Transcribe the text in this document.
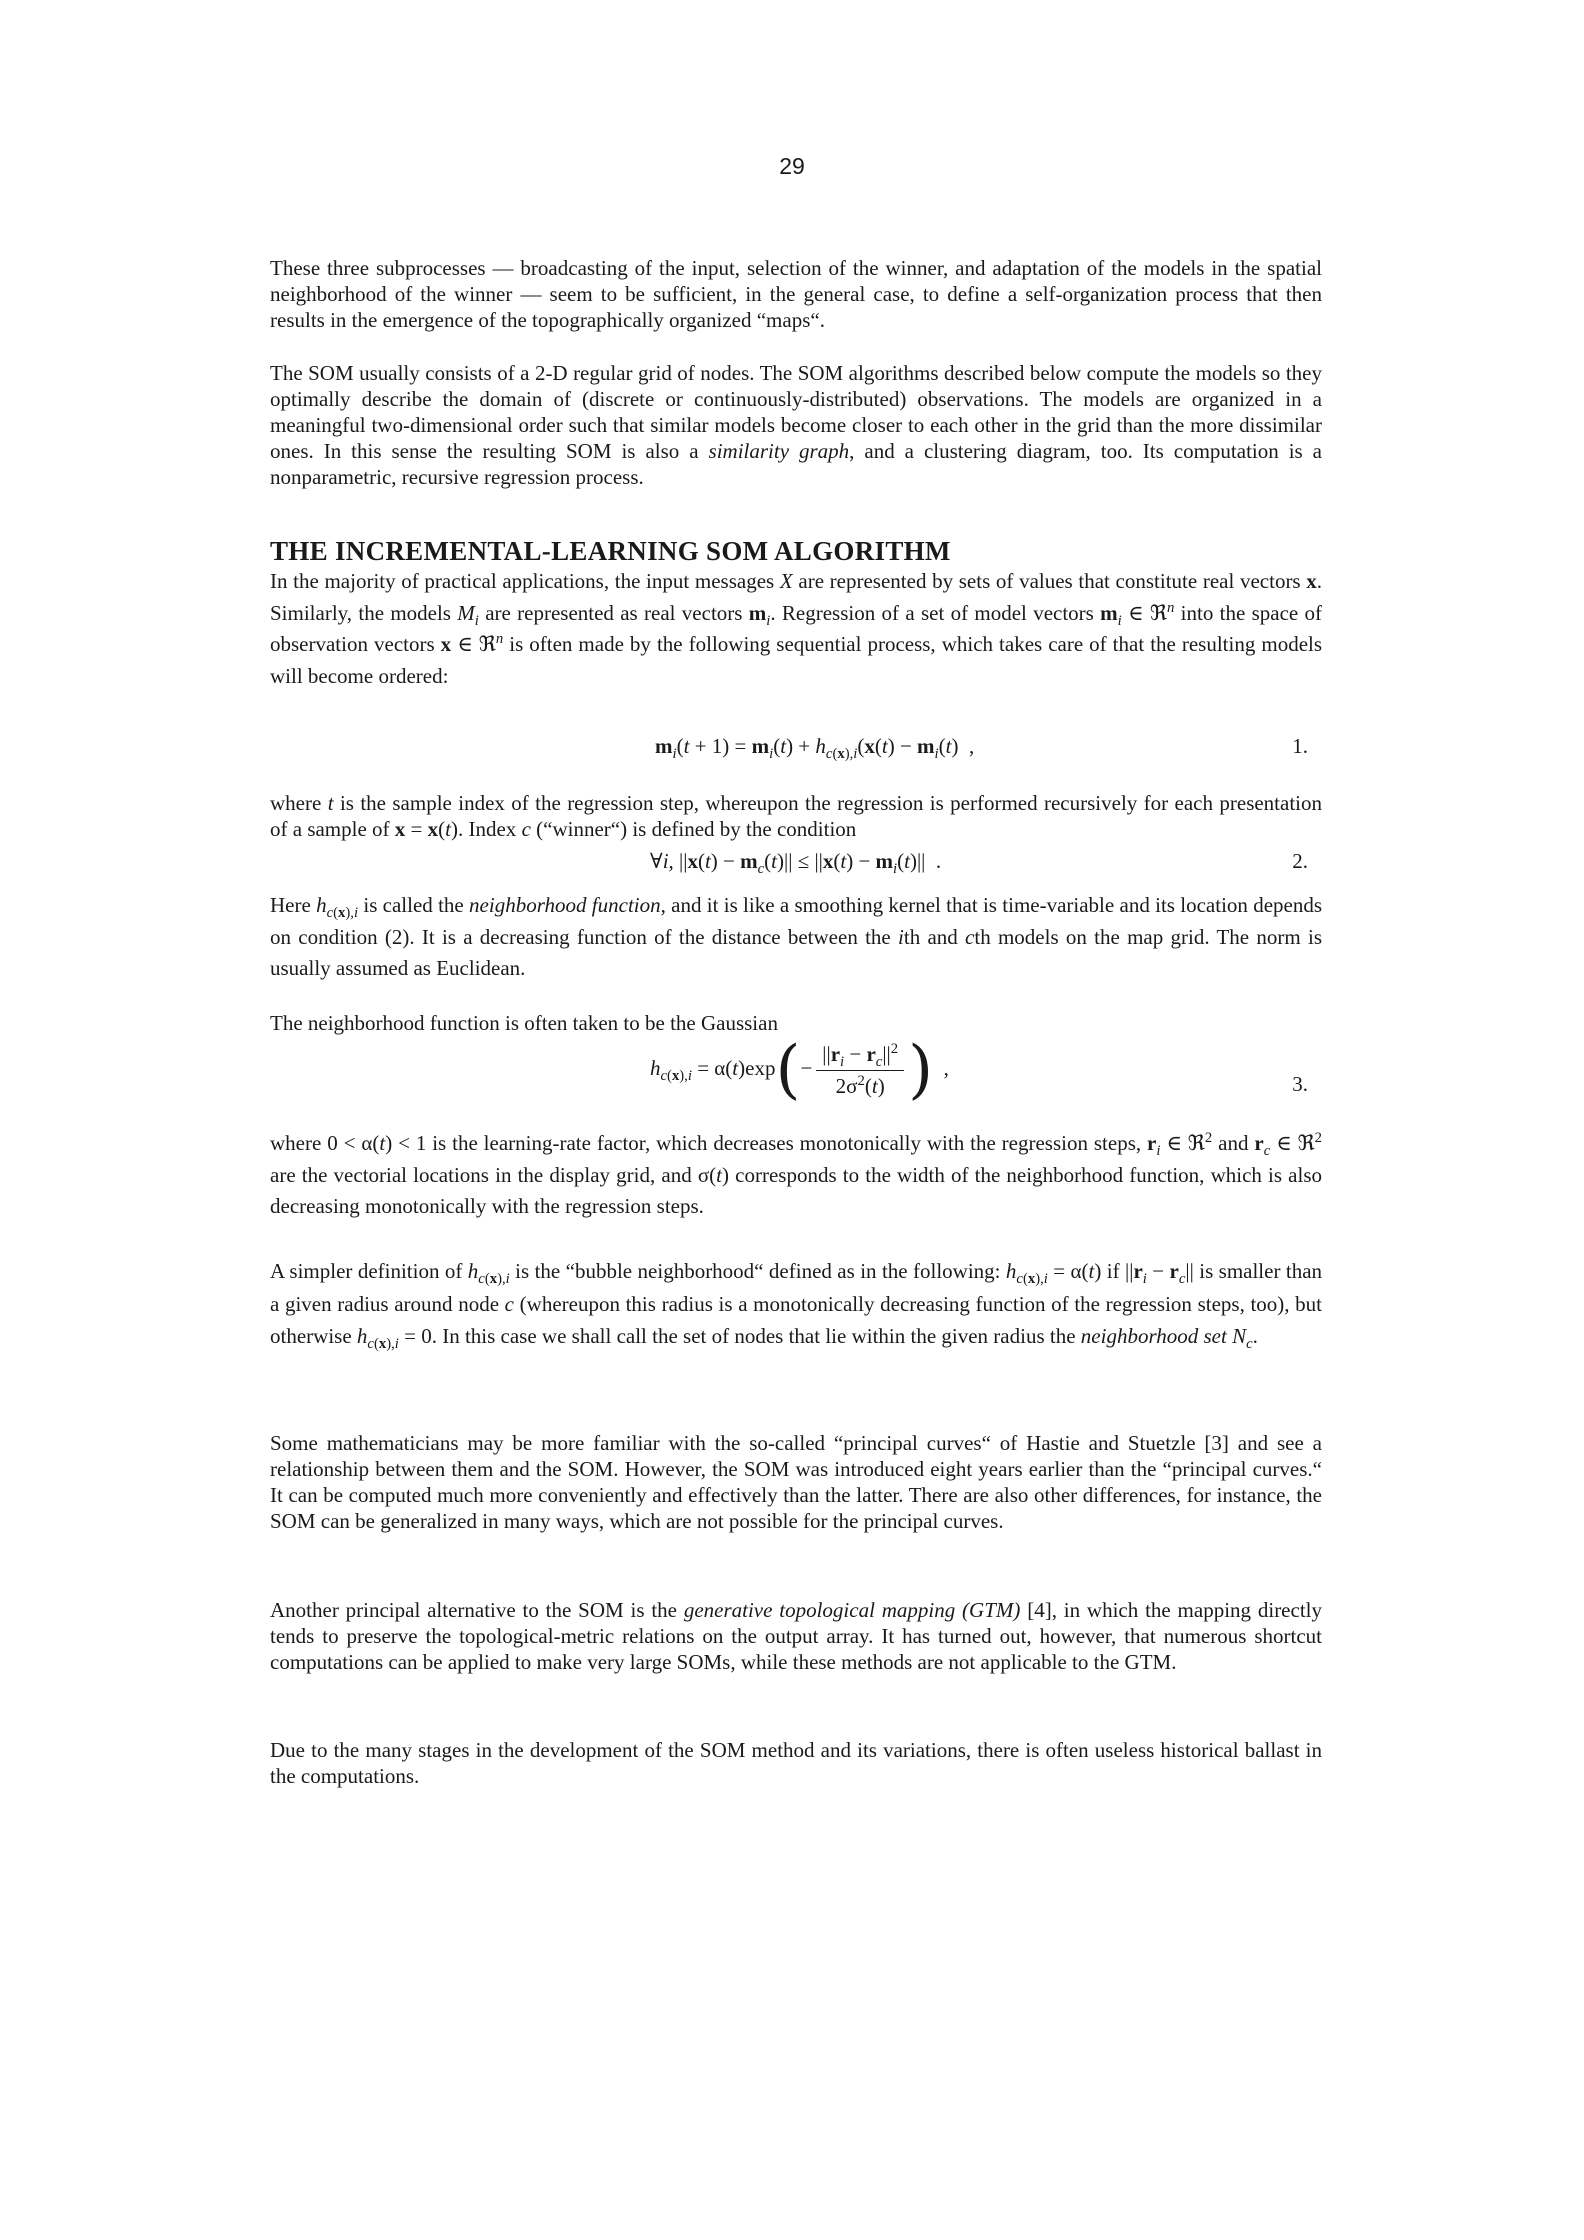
29

These three subprocesses — broadcasting of the input, selection of the winner, and adaptation of the models in the spatial neighborhood of the winner — seem to be sufficient, in the general case, to define a self-organization process that then results in the emergence of the topographically organized “maps“.

The SOM usually consists of a 2-D regular grid of nodes. The SOM algorithms described below compute the models so they optimally describe the domain of (discrete or continuously-distributed) observations. The models are organized in a meaningful two-dimensional order such that similar models become closer to each other in the grid than the more dissimilar ones. In this sense the resulting SOM is also a similarity graph, and a clustering diagram, too. Its computation is a nonparametric, recursive regression process.

THE INCREMENTAL-LEARNING SOM ALGORITHM

In the majority of practical applications, the input messages X are represented by sets of values that constitute real vectors x. Similarly, the models $M_i$ are represented as real vectors $m_i$. Regression of a set of model vectors $m_i$ ∈ ℜ$^n$ into the space of observation vectors x ∈ ℜ$^n$ is often made by the following sequential process, which takes care of that the resulting models will become ordered:

$m_i(t + 1) = m_i(t) + h_{c(x),i}(x(t) - m_i(t)$  ,	1.

where t is the sample index of the regression step, whereupon the regression is performed recursively for each presentation of a sample of x = x(t). Index c (“winner“) is defined by the condition

∀i, $||x(t) - m_c(t)|| \le ||x(t) - m_i(t)||$  .	2.

Here $h_{c(x),i}$ is called the neighborhood function, and it is like a smoothing kernel that is time-variable and its location depends on condition (2). It is a decreasing function of the distance between the ith and cth models on the map grid. The norm is usually assumed as Euclidean.

The neighborhood function is often taken to be the Gaussian

$h_{c(x),i} = \alpha(t)\exp(- \frac{||r_i - r_c||^2}{2\sigma^2(t)}$ )  ,
3.

where 0 < α(t) < 1 is the learning-rate factor, which decreases monotonically with the regression steps, $r_i$ ∈ ℜ$^2$ and $r_c$ ∈ ℜ$^2$ are the vectorial locations in the display grid, and σ(t) corresponds to the width of the neighborhood function, which is also decreasing monotonically with the regression steps.

A simpler definition of $h_{c(x),i}$ is the “bubble neighborhood“ defined as in the following: $h_{c(x),i} = \alpha(t)$ if $||r_i - r_c||$ is smaller than a given radius around node c (whereupon this radius is a monotonically decreasing function of the regression steps, too), but otherwise $h_{c(x),i} = 0$. In this case we shall call the set of nodes that lie within the given radius the neighborhood set $N_c$.

Some mathematicians may be more familiar with the so-called “principal curves“ of Hastie and Stuetzle [3] and see a relationship between them and the SOM. However, the SOM was introduced eight years earlier than the “principal curves.“ It can be computed much more conveniently and effectively than the latter. There are also other differences, for instance, the SOM can be generalized in many ways, which are not possible for the principal curves.

Another principal alternative to the SOM is the generative topological mapping (GTM) [4], in which the mapping directly tends to preserve the topological-metric relations on the output array. It has turned out, however, that numerous shortcut computations can be applied to make very large SOMs, while these methods are not applicable to the GTM.

Due to the many stages in the development of the SOM method and its variations, there is often useless historical ballast in the computations.
